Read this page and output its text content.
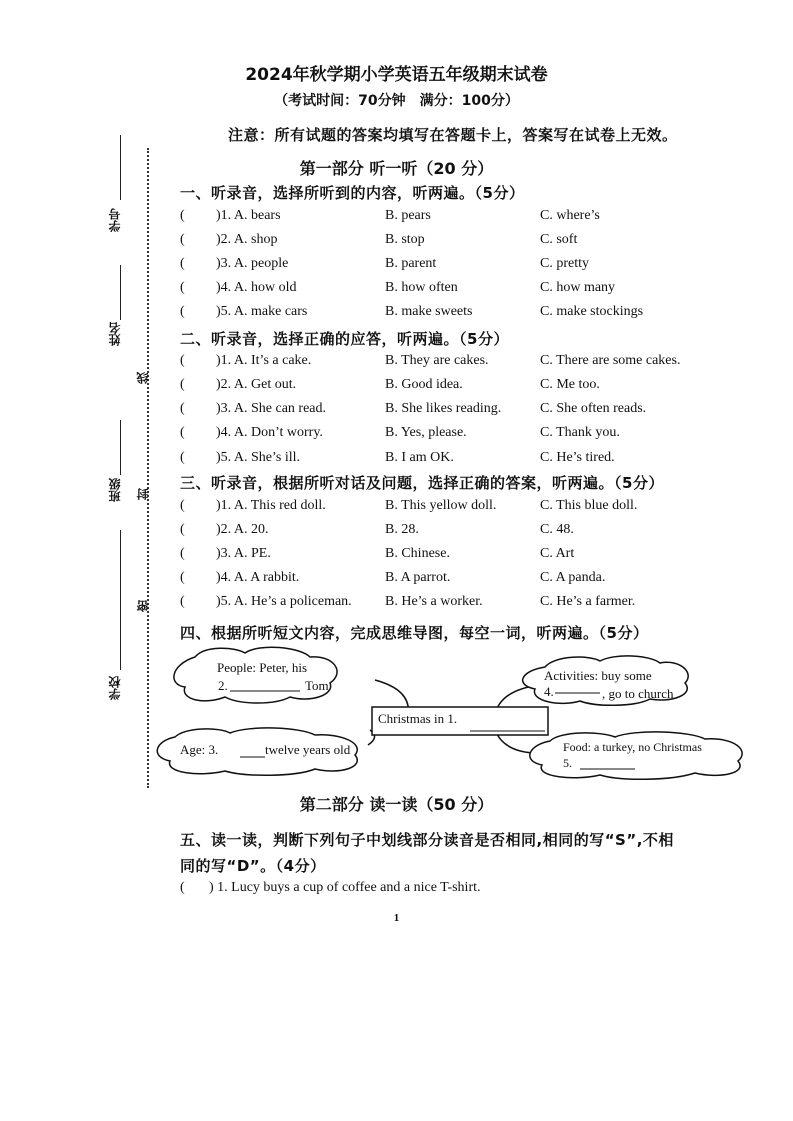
2024年秋学期小学英语五年级期末试卷
（考试时间：70分钟　满分：100分）
注意：所有试题的答案均填写在答题卡上，答案写在试卷上无效。
学号
姓名
线
班级 封
密
学校
第一部分 听一听（20 分）
一、听录音，选择所听到的内容，听两遍。（5分）
( )1. A. bears	B. pears	C. where’s
( )2. A. shop	B. stop	C. soft
( )3. A. people	B. parent	C. pretty
( )4. A. how old	B. how often	C. how many
( )5. A. make cars	B. make sweets	C. make stockings
二、听录音，选择正确的应答，听两遍。（5分）
( )1. A. It’s a cake.	B. They are cakes.	C. There are some cakes.
( )2. A. Get out.	B. Good idea.	C. Me too.
( )3. A. She can read.	B. She likes reading.	C. She often reads.
( )4. A. Don’t worry.	B. Yes, please.	C. Thank you.
( )5. A. She’s ill.	B. I am OK.	C. He’s tired.
三、听录音，根据所听对话及问题，选择正确的答案，听两遍。（5分）
( )1. A. This red doll.	B. This yellow doll.	C. This blue doll.
( )2. A. 20.	B. 28.	C. 48.
( )3. A. PE.	B. Chinese.	C. Art
( )4. A. A rabbit.	B. A parrot.	C. A panda.
( )5. A. He’s a policeman. B. He’s a worker.	C. He’s a farmer.
四、根据所听短文内容，完成思维导图，每空一词，听两遍。（5分）
People: Peter, his
2.	Tom
Activities: buy some
4.	, go to church
Christmas in 1.
Age: 3.	twelve years old	Food: a turkey, no Christmas
5.
第二部分 读一读（50 分）
五、读一读，判断下列句子中划线部分读音是否相同,相同的写“S”,不相
同的写“D”。（4分）
( ) 1. Lucy buys a cup of coffee and a nice T-shirt.
1
